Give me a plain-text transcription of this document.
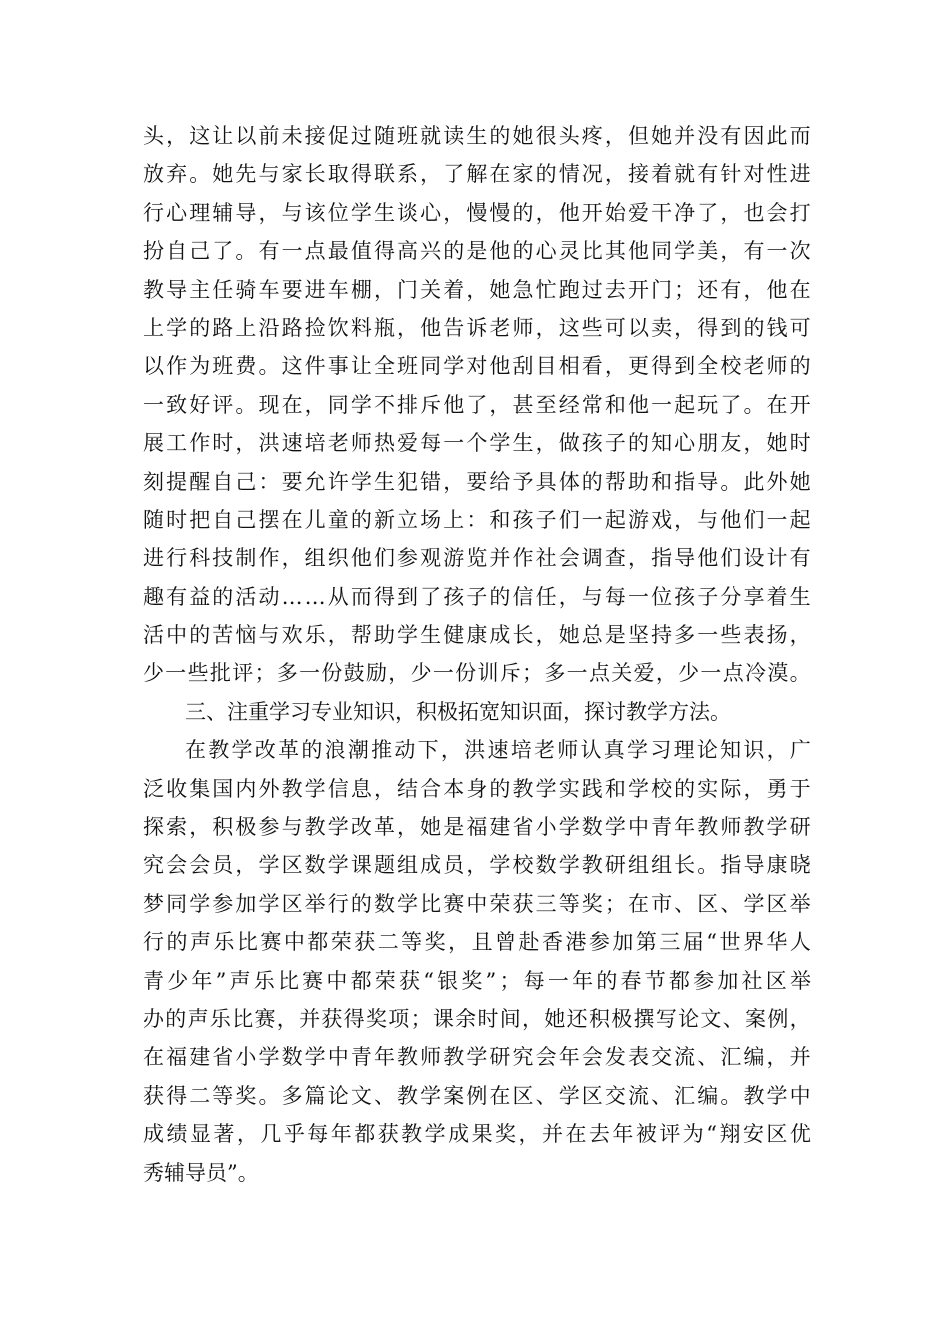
头 ， 这 让 以 前 未 接 促 过 随 班 就 读 生 的 她 很 头 疼 ， 但 她 并 没 有 因 此 而
放 弃 。 她 先 与 家 长 取 得 联 系 ， 了 解 在 家 的 情 况 ， 接 着 就 有 针 对 性 进
行 心 理 辅 导 ， 与 该 位 学 生 谈 心 ， 慢 慢 的 ， 他 开 始 爱 干 净 了 ， 也 会 打
扮 自 己 了 。 有 一 点 最 值 得 高 兴 的 是 他 的 心 灵 比 其 他 同 学 美 ， 有 一 次
教 导 主 任 骑 车 要 进 车 棚 ， 门 关 着 ， 她 急 忙 跑 过 去 开 门 ； 还 有 ， 他 在
上 学 的 路 上 沿 路 捡 饮 料 瓶 ， 他 告 诉 老 师 ， 这 些 可 以 卖 ， 得 到 的 钱 可
以 作 为 班 费 。 这 件 事 让 全 班 同 学 对 他 刮 目 相 看 ， 更 得 到 全 校 老 师 的
一 致 好 评 。 现 在 ， 同 学 不 排 斥 他 了 ， 甚 至 经 常 和 他 一 起 玩 了 。 在 开
展 工 作 时 ， 洪 速 培 老 师 热 爱 每 一 个 学 生 ， 做 孩 子 的 知 心 朋 友 ， 她 时
刻 提 醒 自 己 ： 要 允 许 学 生 犯 错 ， 要 给 予 具 体 的 帮 助 和 指 导 。 此 外 她
随 时 把 自 己 摆 在 儿 童 的 新 立 场 上 ： 和 孩 子 们 一 起 游 戏 ， 与 他 们 一 起
进 行 科 技 制 作 ， 组 织 他 们 参 观 游 览 并 作 社 会 调 查 ， 指 导 他 们 设 计 有
趣 有 益 的 活 动 … … 从 而 得 到 了 孩 子 的 信 任 ， 与 每 一 位 孩 子 分 享 着 生
活 中 的 苦 恼 与 欢 乐 ， 帮 助 学 生 健 康 成 长 ， 她 总 是 坚 持 多 一 些 表 扬 ，
少 一 些 批 评 ； 多 一 份 鼓 励 ， 少 一 份 训 斥 ； 多 一 点 关 爱 ， 少 一 点 冷 漠 。
三、注重学习专业知识，积极拓宽知识面，探讨教学方法。
在 教 学 改 革 的 浪 潮 推 动 下 ， 洪 速 培 老 师 认 真 学 习 理 论 知 识 ， 广
泛 收 集 国 内 外 教 学 信 息 ， 结 合 本 身 的 教 学 实 践 和 学 校 的 实 际 ， 勇 于
探 索 ， 积 极 参 与 教 学 改 革 ， 她 是 福 建 省 小 学 数 学 中 青 年 教 师 教 学 研
究 会 会 员 ， 学 区 数 学 课 题 组 成 员 ， 学 校 数 学 教 研 组 组 长 。 指 导 康 晓
梦 同 学 参 加 学 区 举 行 的 数 学 比 赛 中 荣 获 三 等 奖 ； 在 市 、 区 、 学 区 举
行 的 声 乐 比 赛 中 都 荣 获 二 等 奖 ， 且 曾 赴 香 港 参 加 第 三 届 “ 世 界 华 人
青 少 年 ” 声 乐 比 赛 中 都 荣 获 “ 银 奖 ” ； 每 一 年 的 春 节 都 参 加 社 区 举
办 的 声 乐 比 赛 ， 并 获 得 奖 项 ； 课 余 时 间 ， 她 还 积 极 撰 写 论 文 、 案 例 ，
在 福 建 省 小 学 数 学 中 青 年 教 师 教 学 研 究 会 年 会 发 表 交 流 、 汇 编 ， 并
获 得 二 等 奖 。 多 篇 论 文 、 教 学 案 例 在 区 、 学 区 交 流 、 汇 编 。 教 学 中
成 绩 显 著 ， 几 乎 每 年 都 获 教 学 成 果 奖 ， 并 在 去 年 被 评 为 “ 翔 安 区 优
秀辅导员”。
